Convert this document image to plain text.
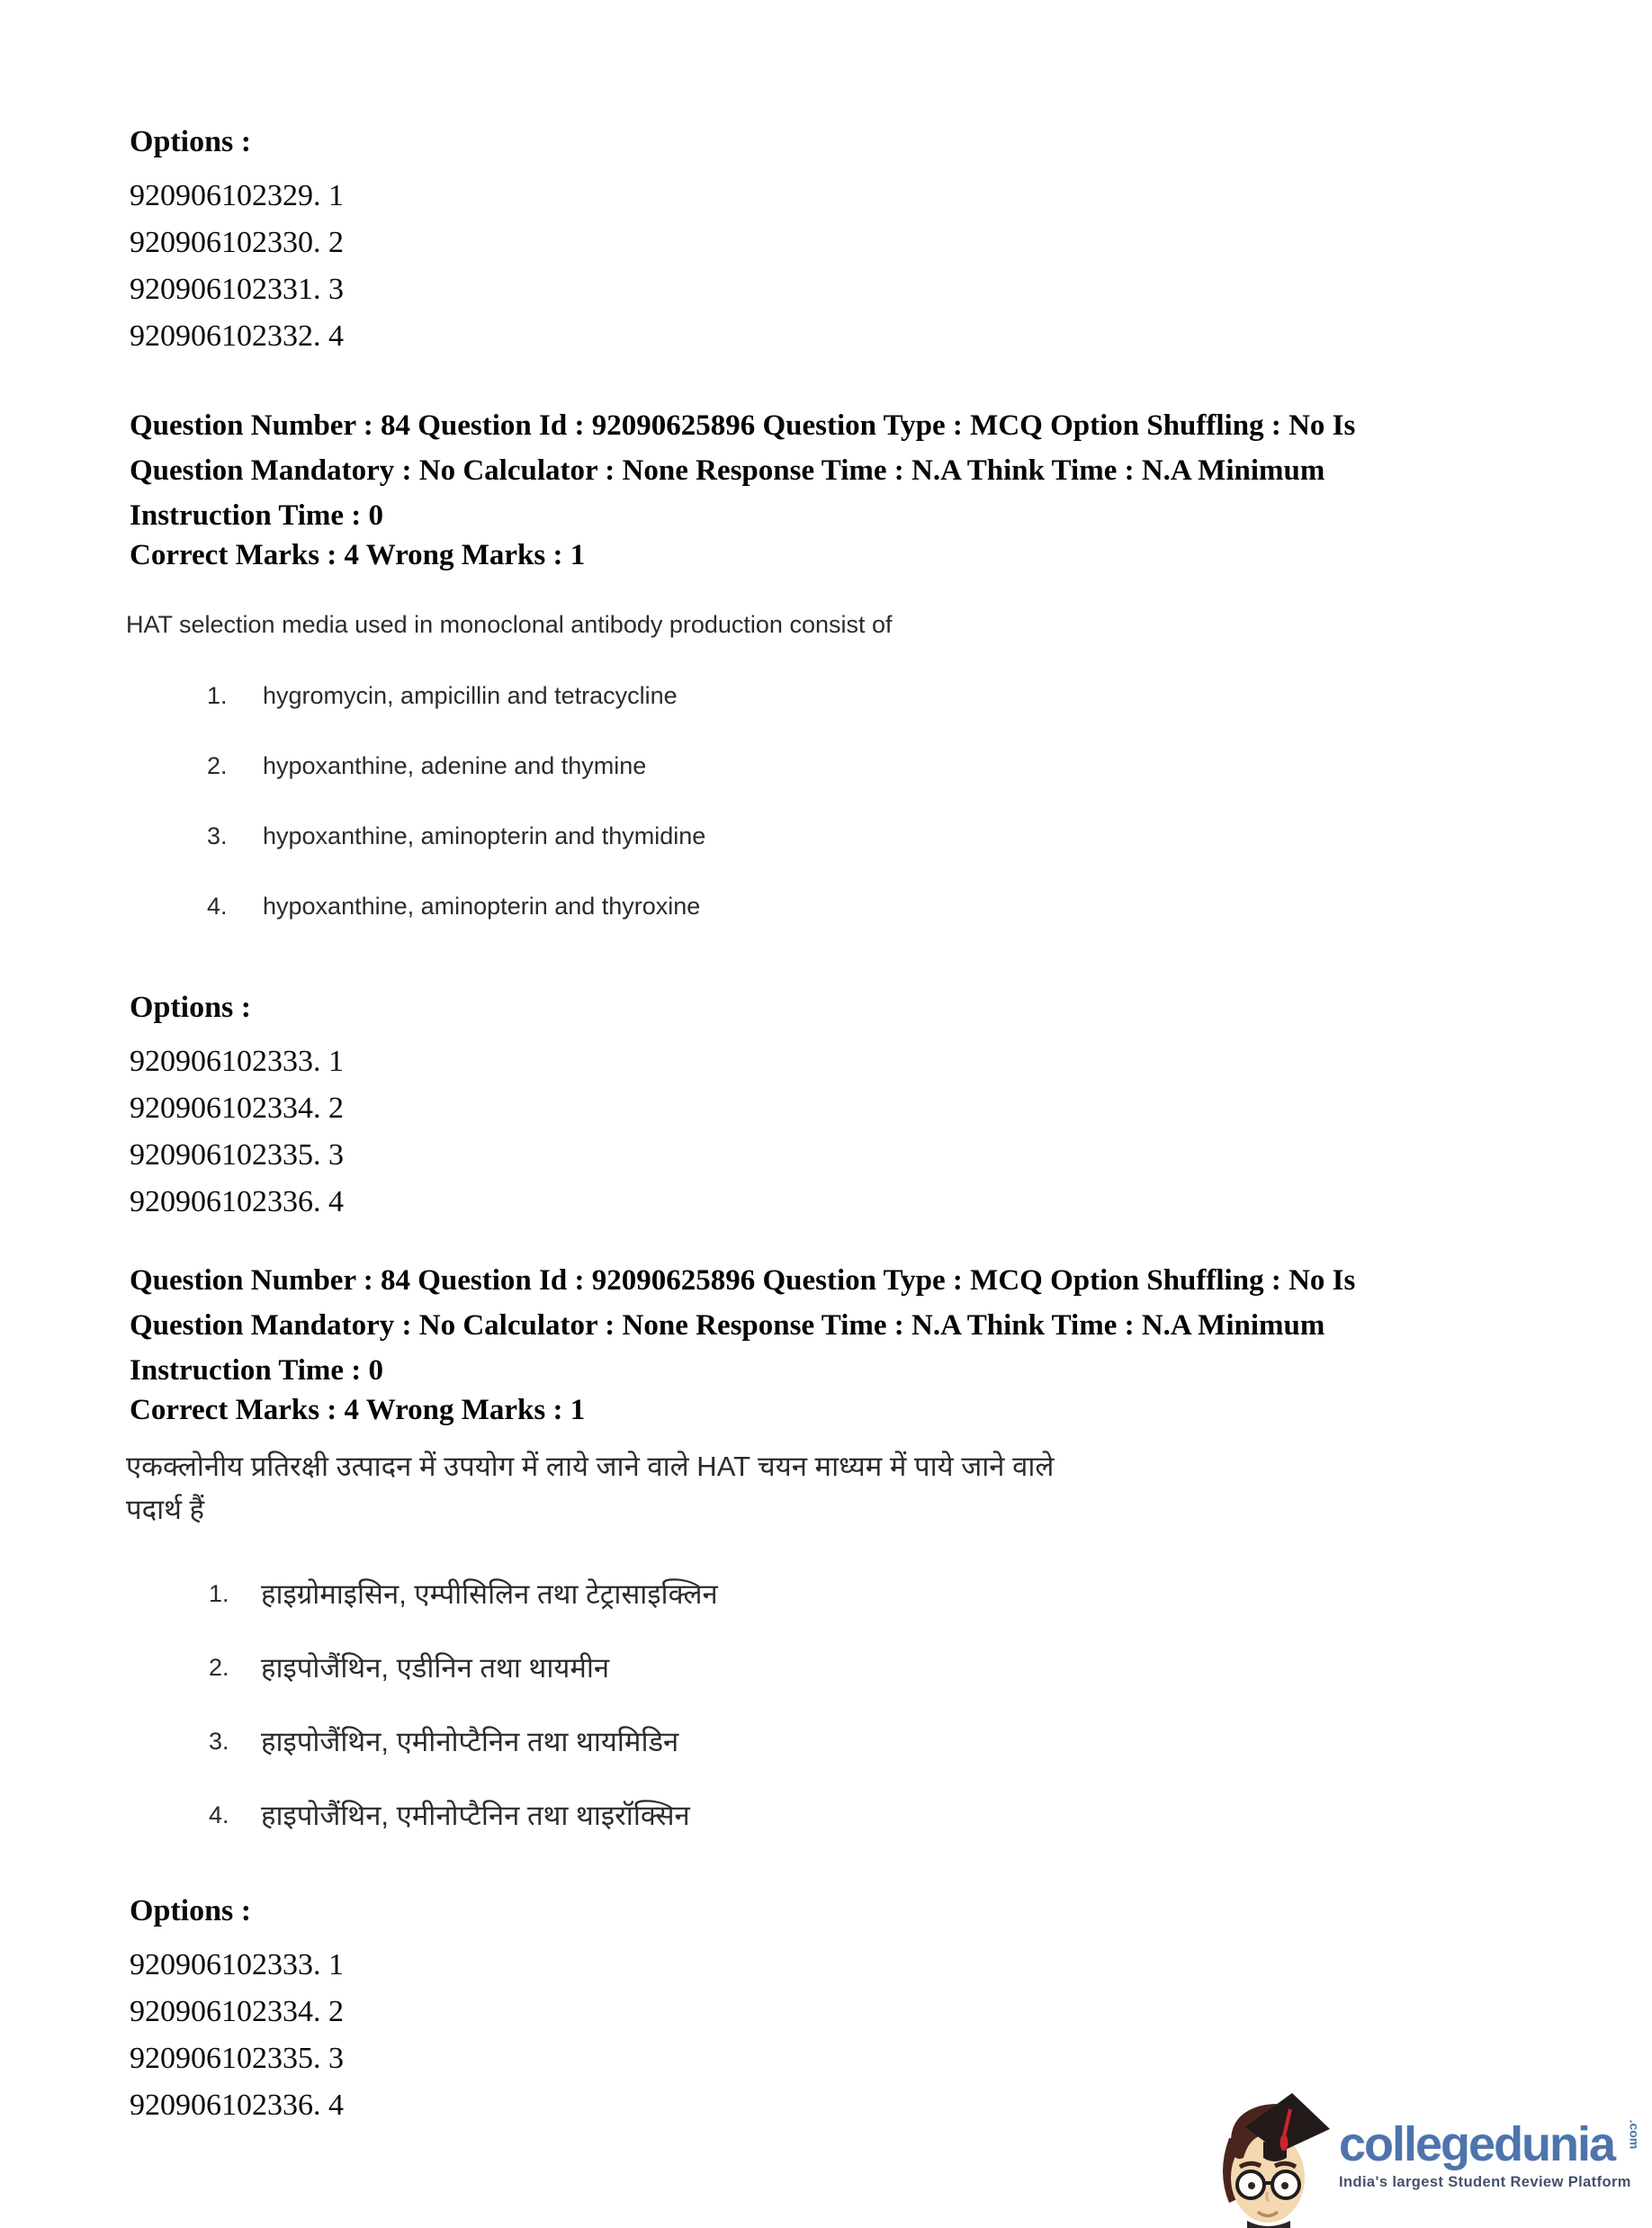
Options :
920906102329. 1
920906102330. 2
920906102331. 3
920906102332. 4
Question Number : 84 Question Id : 92090625896 Question Type : MCQ Option Shuffling : No Is
Question Mandatory : No Calculator : None Response Time : N.A Think Time : N.A Minimum
Instruction Time : 0
Correct Marks : 4 Wrong Marks : 1
HAT selection media used in monoclonal antibody production consist of
1.	hygromycin, ampicillin and tetracycline
2.	hypoxanthine, adenine and thymine
3.	hypoxanthine, aminopterin and thymidine
4.	hypoxanthine, aminopterin and thyroxine
Options :
920906102333. 1
920906102334. 2
920906102335. 3
920906102336. 4
Question Number : 84 Question Id : 92090625896 Question Type : MCQ Option Shuffling : No Is
Question Mandatory : No Calculator : None Response Time : N.A Think Time : N.A Minimum
Instruction Time : 0
Correct Marks : 4 Wrong Marks : 1
एकक्लोनीय प्रतिरक्षी उत्पादन में उपयोग में लाये जाने वाले HAT चयन माध्यम में पाये जाने वाले
पदार्थ हैं
1.	हाइग्रोमाइसिन, एम्पीसिलिन तथा टेट्रासाइक्लिन
2.	हाइपोजैंथिन, एडीनिन तथा थायमीन
3.	हाइपोजैंथिन, एमीनोप्टैनिन तथा थायमिडिन
4.	हाइपोजैंथिन, एमीनोप्टैनिन तथा थाइरॉक्सिन
Options :
920906102333. 1
920906102334. 2
920906102335. 3
920906102336. 4
collegedunia	.com
India's largest Student Review Platform
